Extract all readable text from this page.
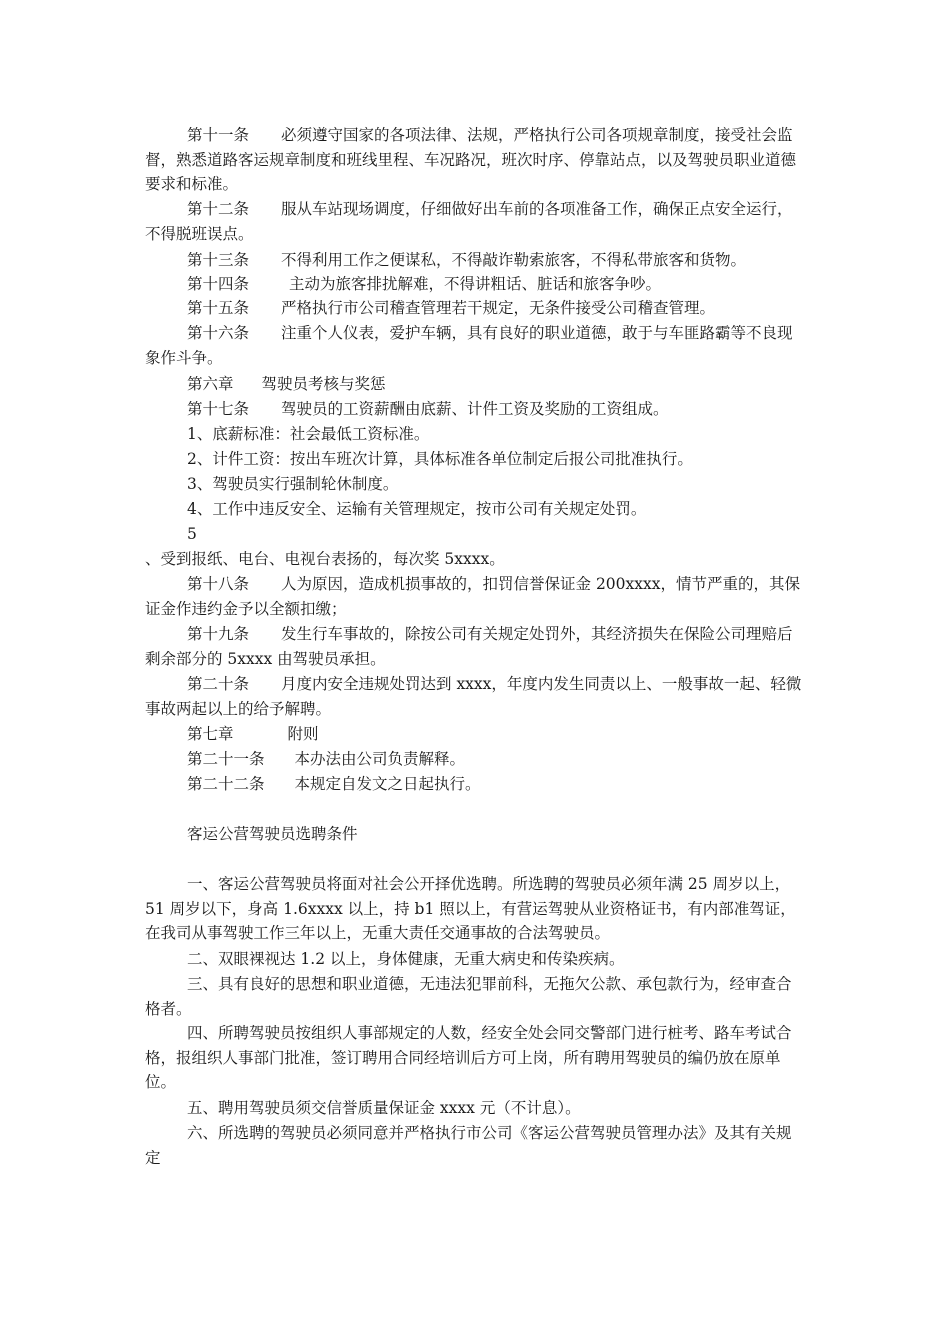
第十一条 必须遵守国家的各项法律、法规，严格执行公司各项规章制度，接受社会监督，熟悉道路客运规章制度和班线里程、车况路况，班次时序、停靠站点，以及驾驶员职业道德要求和标准。

第十二条 服从车站现场调度，仔细做好出车前的各项准备工作，确保正点安全运行，不得脱班误点。

第十三条 不得利用工作之便谋私，不得敲诈勒索旅客，不得私带旅客和货物。

第十四条	主动为旅客排扰解难，不得讲粗话、脏话和旅客争吵。

第十五条 严格执行市公司稽查管理若干规定，无条件接受公司稽查管理。

第十六条 注重个人仪表，爱护车辆，具有良好的职业道德，敢于与车匪路霸等不良现象作斗争。

第六章 驾驶员考核与奖惩

第十七条 驾驶员的工资薪酬由底薪、计件工资及奖励的工资组成。

1、底薪标准：社会最低工资标准。

2、计件工资：按出车班次计算，具体标准各单位制定后报公司批准执行。

3、驾驶员实行强制轮休制度。

4、工作中违反安全、运输有关管理规定，按市公司有关规定处罚。

5

、受到报纸、电台、电视台表扬的，每次奖 5xxxx。

第十八条 人为原因，造成机损事故的，扣罚信誉保证金 200xxxx，情节严重的，其保证金作违约金予以全额扣缴；

第十九条 发生行车事故的，除按公司有关规定处罚外，其经济损失在保险公司理赔后剩余部分的 5xxxx 由驾驶员承担。

第二十条 月度内安全违规处罚达到 xxxx，年度内发生同责以上、一般事故一起、轻微事故两起以上的给予解聘。

第七章	附则

第二十一条 本办法由公司负责解释。

第二十二条 本规定自发文之日起执行。

客运公营驾驶员选聘条件

一、客运公营驾驶员将面对社会公开择优选聘。所选聘的驾驶员必须年满 25 周岁以上，51 周岁以下，身高 1.6xxxx 以上，持 b1 照以上，有营运驾驶从业资格证书，有内部准驾证，在我司从事驾驶工作三年以上，无重大责任交通事故的合法驾驶员。

二、双眼裸视达 1.2 以上，身体健康，无重大病史和传染疾病。

三、具有良好的思想和职业道德，无违法犯罪前科，无拖欠公款、承包款行为，经审查合格者。

四、所聘驾驶员按组织人事部规定的人数，经安全处会同交警部门进行桩考、路车考试合格，报组织人事部门批准，签订聘用合同经培训后方可上岗，所有聘用驾驶员的编仍放在原单位。

五、聘用驾驶员须交信誉质量保证金 xxxx 元（不计息）。

六、所选聘的驾驶员必须同意并严格执行市公司《客运公营驾驶员管理办法》及其有关规定
